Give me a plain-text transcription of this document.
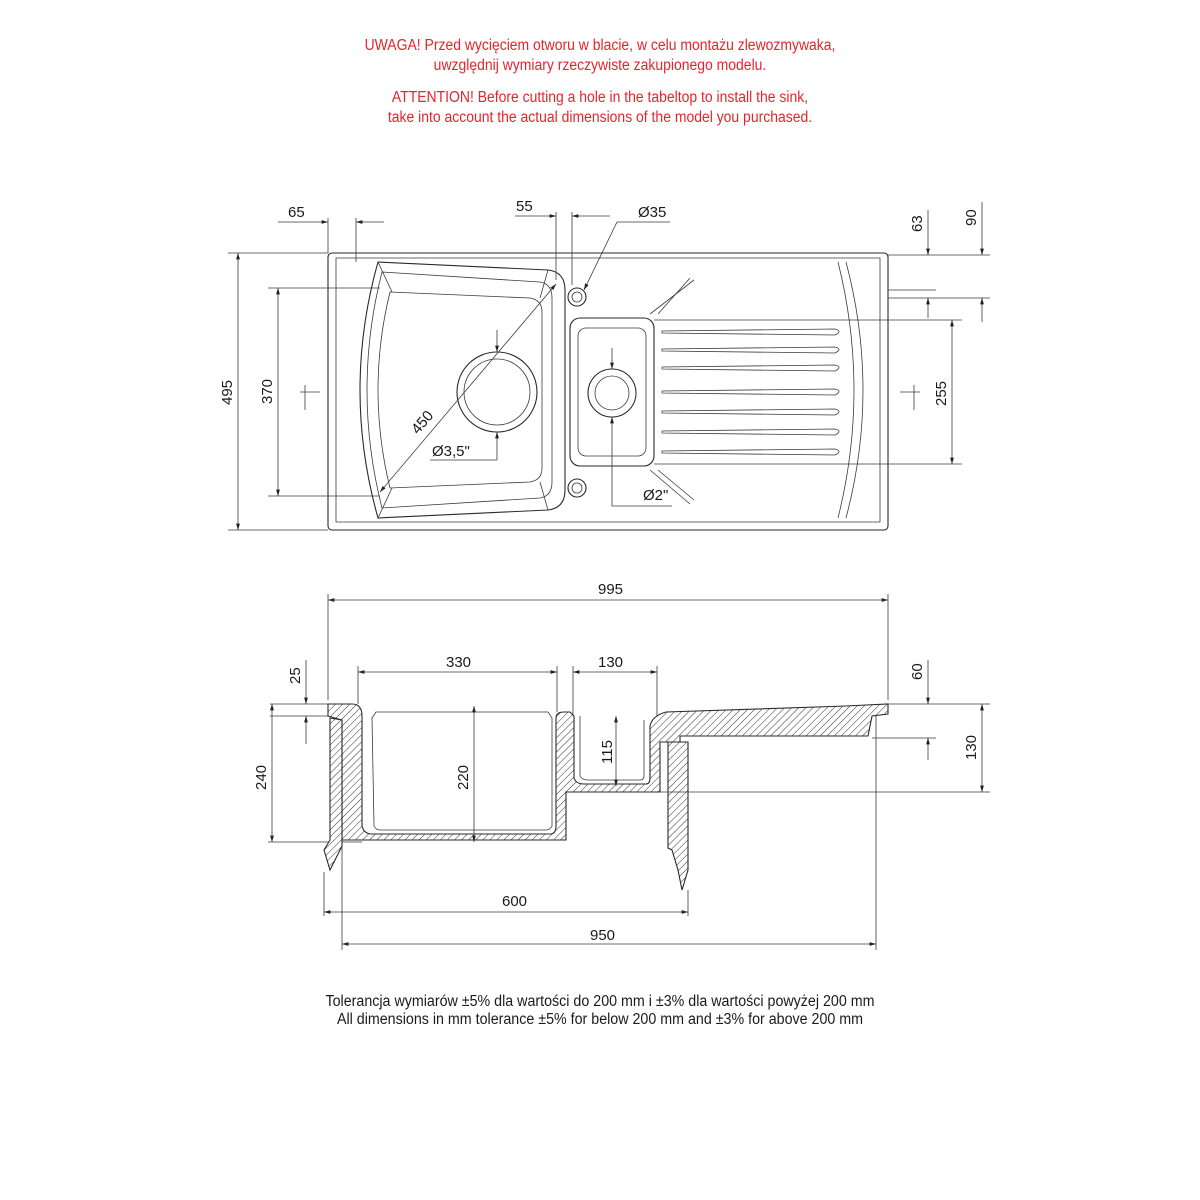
UWAGA! Przed wycięciem otworu w blacie, w celu montażu zlewozmywaka,
uwzględnij wymiary rzeczywiste zakupionego modelu.
ATTENTION! Before cutting a hole in the tabeltop to install the sink,
take into account the actual dimensions of the model you purchased.
65	55	Ø35
63 90
495 370	255
450
Ø3,5"
Ø2"
995
330	130
25
240	220
115
60
130
600
950
Tolerancja wymiarów ±5% dla wartości do 200 mm i ±3% dla wartości powyżej 200 mm
All dimensions in mm tolerance ±5% for below 200 mm and ±3% for above 200 mm
